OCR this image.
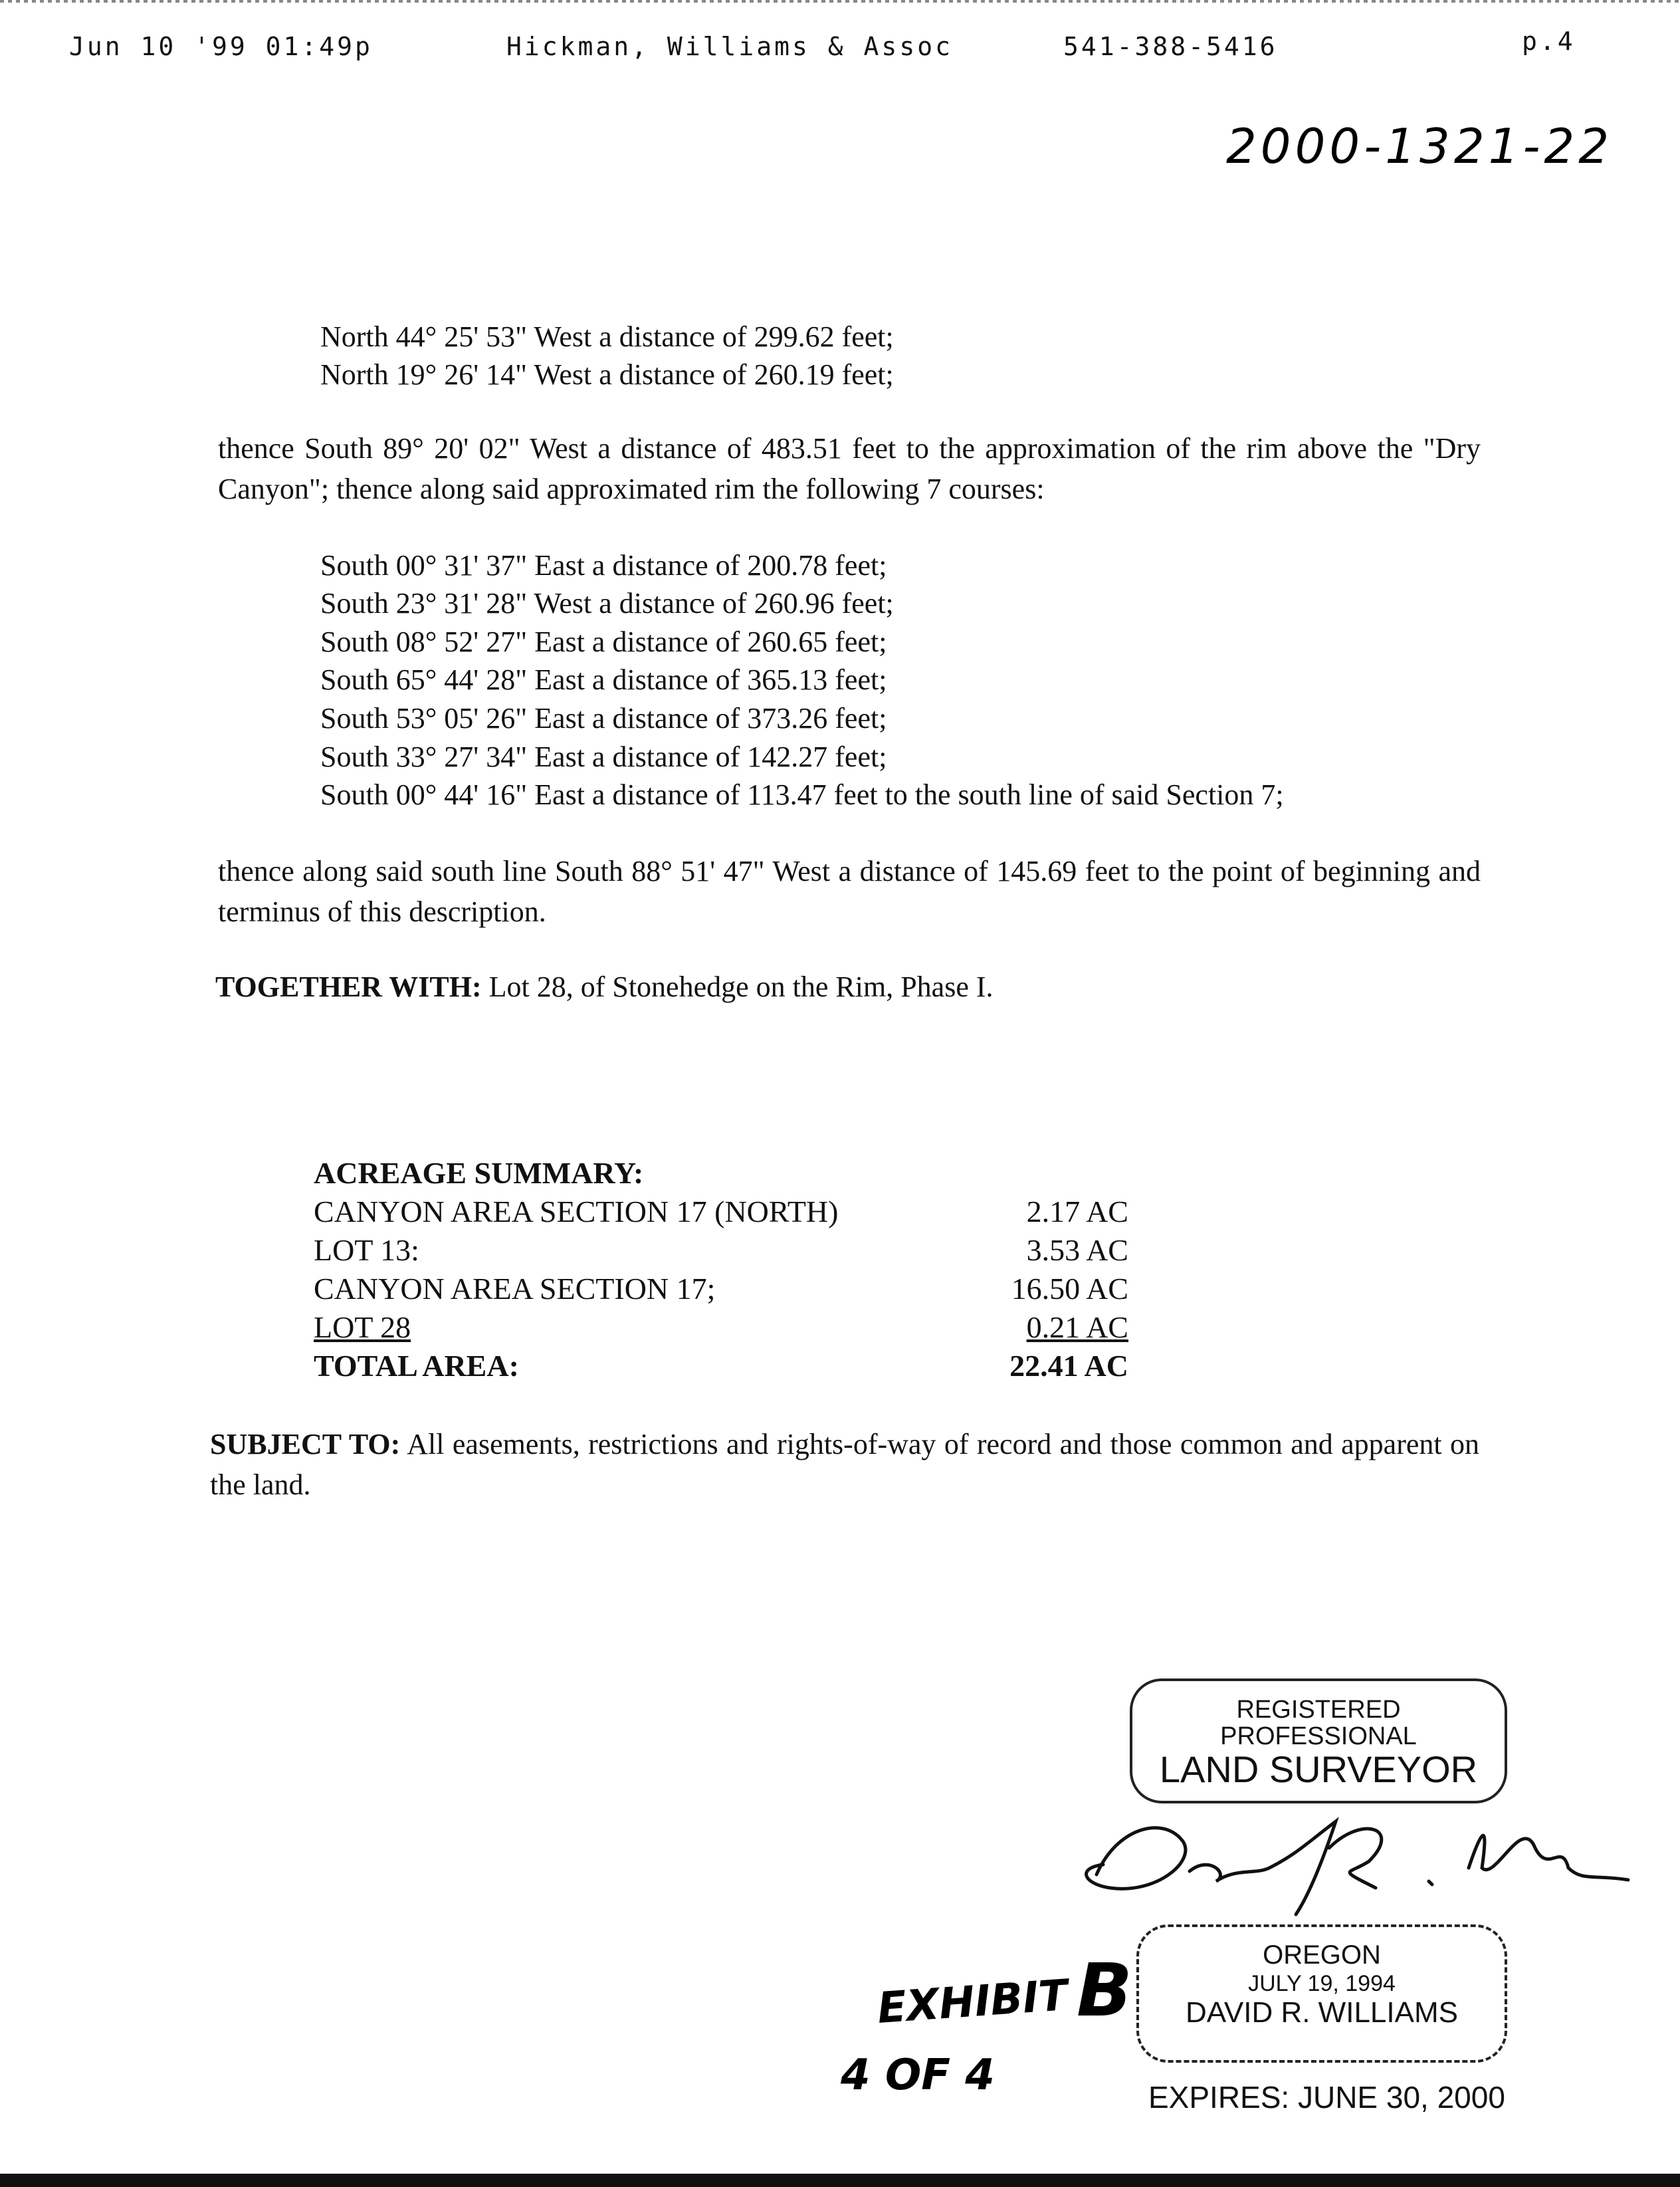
Jun 10 '99 01:49p	Hickman, Williams & Assoc	541-388-5416	p.4
2000-1321-22
North 44° 25' 53" West a distance of 299.62 feet;
North 19° 26' 14" West a distance of 260.19 feet;
thence South 89° 20' 02" West a distance of 483.51 feet to the approximation of the rim above the "Dry Canyon"; thence along said approximated rim the following 7 courses:
South 00° 31' 37" East a distance of 200.78 feet;
South 23° 31' 28" West a distance of 260.96 feet;
South 08° 52' 27" East a distance of 260.65 feet;
South 65° 44' 28" East a distance of 365.13 feet;
South 53° 05' 26" East a distance of 373.26 feet;
South 33° 27' 34" East a distance of 142.27 feet;
South 00° 44' 16" East a distance of 113.47 feet to the south line of said Section 7;
thence along said south line South 88° 51' 47" West a distance of 145.69 feet to the point of beginning and terminus of this description.
TOGETHER WITH: Lot 28, of Stonehedge on the Rim, Phase I.
ACREAGE SUMMARY:
CANYON AREA SECTION 17 (NORTH)	2.17 AC
LOT 13:	3.53 AC
CANYON AREA SECTION 17;	16.50 AC
LOT 28	0.21 AC
TOTAL AREA:	22.41 AC
SUBJECT TO: All easements, restrictions and rights-of-way of record and those common and apparent on the land.
REGISTERED
PROFESSIONAL
LAND SURVEYOR
OREGON
JULY 19, 1994
DAVID R. WILLIAMS
EXPIRES: JUNE 30, 2000
EXHIBIT B
4 OF 4
